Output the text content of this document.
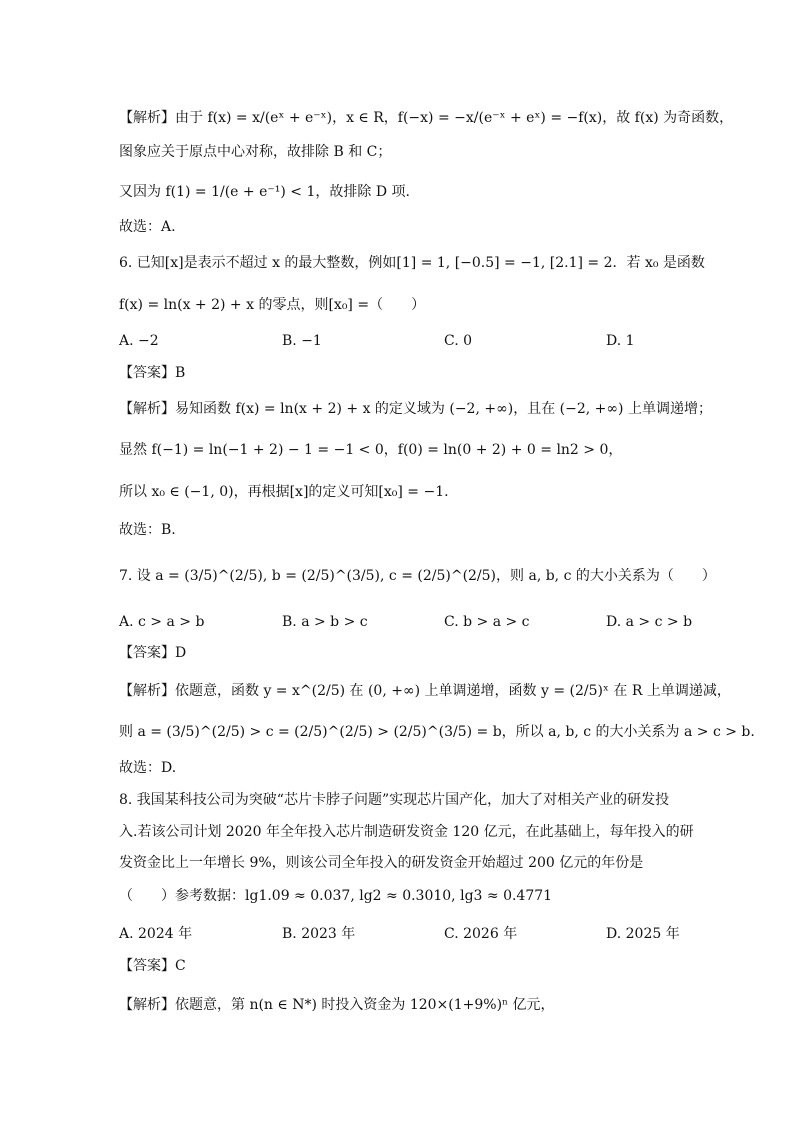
【解析】由于 f(x) = x/(eˣ + e⁻ˣ)，x ∈ R，f(−x) = −x/(e⁻ˣ + eˣ) = −f(x)，故 f(x) 为奇函数，
图象应关于原点中心对称，故排除 B 和 C；
又因为 f(1) = 1/(e + e⁻¹) < 1，故排除 D 项.
故选：A.
6. 已知[x]是表示不超过 x 的最大整数，例如[1] = 1, [−0.5] = −1, [2.1] = 2．若 x₀ 是函数
f(x) = ln(x + 2) + x 的零点，则[x₀] =（　　）
A. −2	B. −1	C. 0	D. 1
【答案】B
【解析】易知函数 f(x) = ln(x + 2) + x 的定义域为 (−2, +∞)，且在 (−2, +∞) 上单调递增；
显然 f(−1) = ln(−1 + 2) − 1 = −1 < 0，f(0) = ln(0 + 2) + 0 = ln2 > 0，
所以 x₀ ∈ (−1, 0)，再根据[x]的定义可知[x₀] = −1.
故选：B.
7. 设 a = (3/5)^(2/5), b = (2/5)^(3/5), c = (2/5)^(2/5)，则 a, b, c 的大小关系为（　　）
A. c > a > b	B. a > b > c	C. b > a > c	D. a > c > b
【答案】D
【解析】依题意，函数 y = x^(2/5) 在 (0, +∞) 上单调递增，函数 y = (2/5)ˣ 在 R 上单调递减，
则 a = (3/5)^(2/5) > c = (2/5)^(2/5) > (2/5)^(3/5) = b，所以 a, b, c 的大小关系为 a > c > b.
故选：D.
8. 我国某科技公司为突破“芯片卡脖子问题”实现芯片国产化，加大了对相关产业的研发投
入.若该公司计划 2020 年全年投入芯片制造研发资金 120 亿元，在此基础上，每年投入的研
发资金比上一年增长 9%，则该公司全年投入的研发资金开始超过 200 亿元的年份是
（　　）参考数据：lg1.09 ≈ 0.037, lg2 ≈ 0.3010, lg3 ≈ 0.4771
A. 2024 年	B. 2023 年	C. 2026 年	D. 2025 年
【答案】C
【解析】依题意，第 n(n ∈ N*) 时投入资金为 120×(1+9%)ⁿ 亿元，
